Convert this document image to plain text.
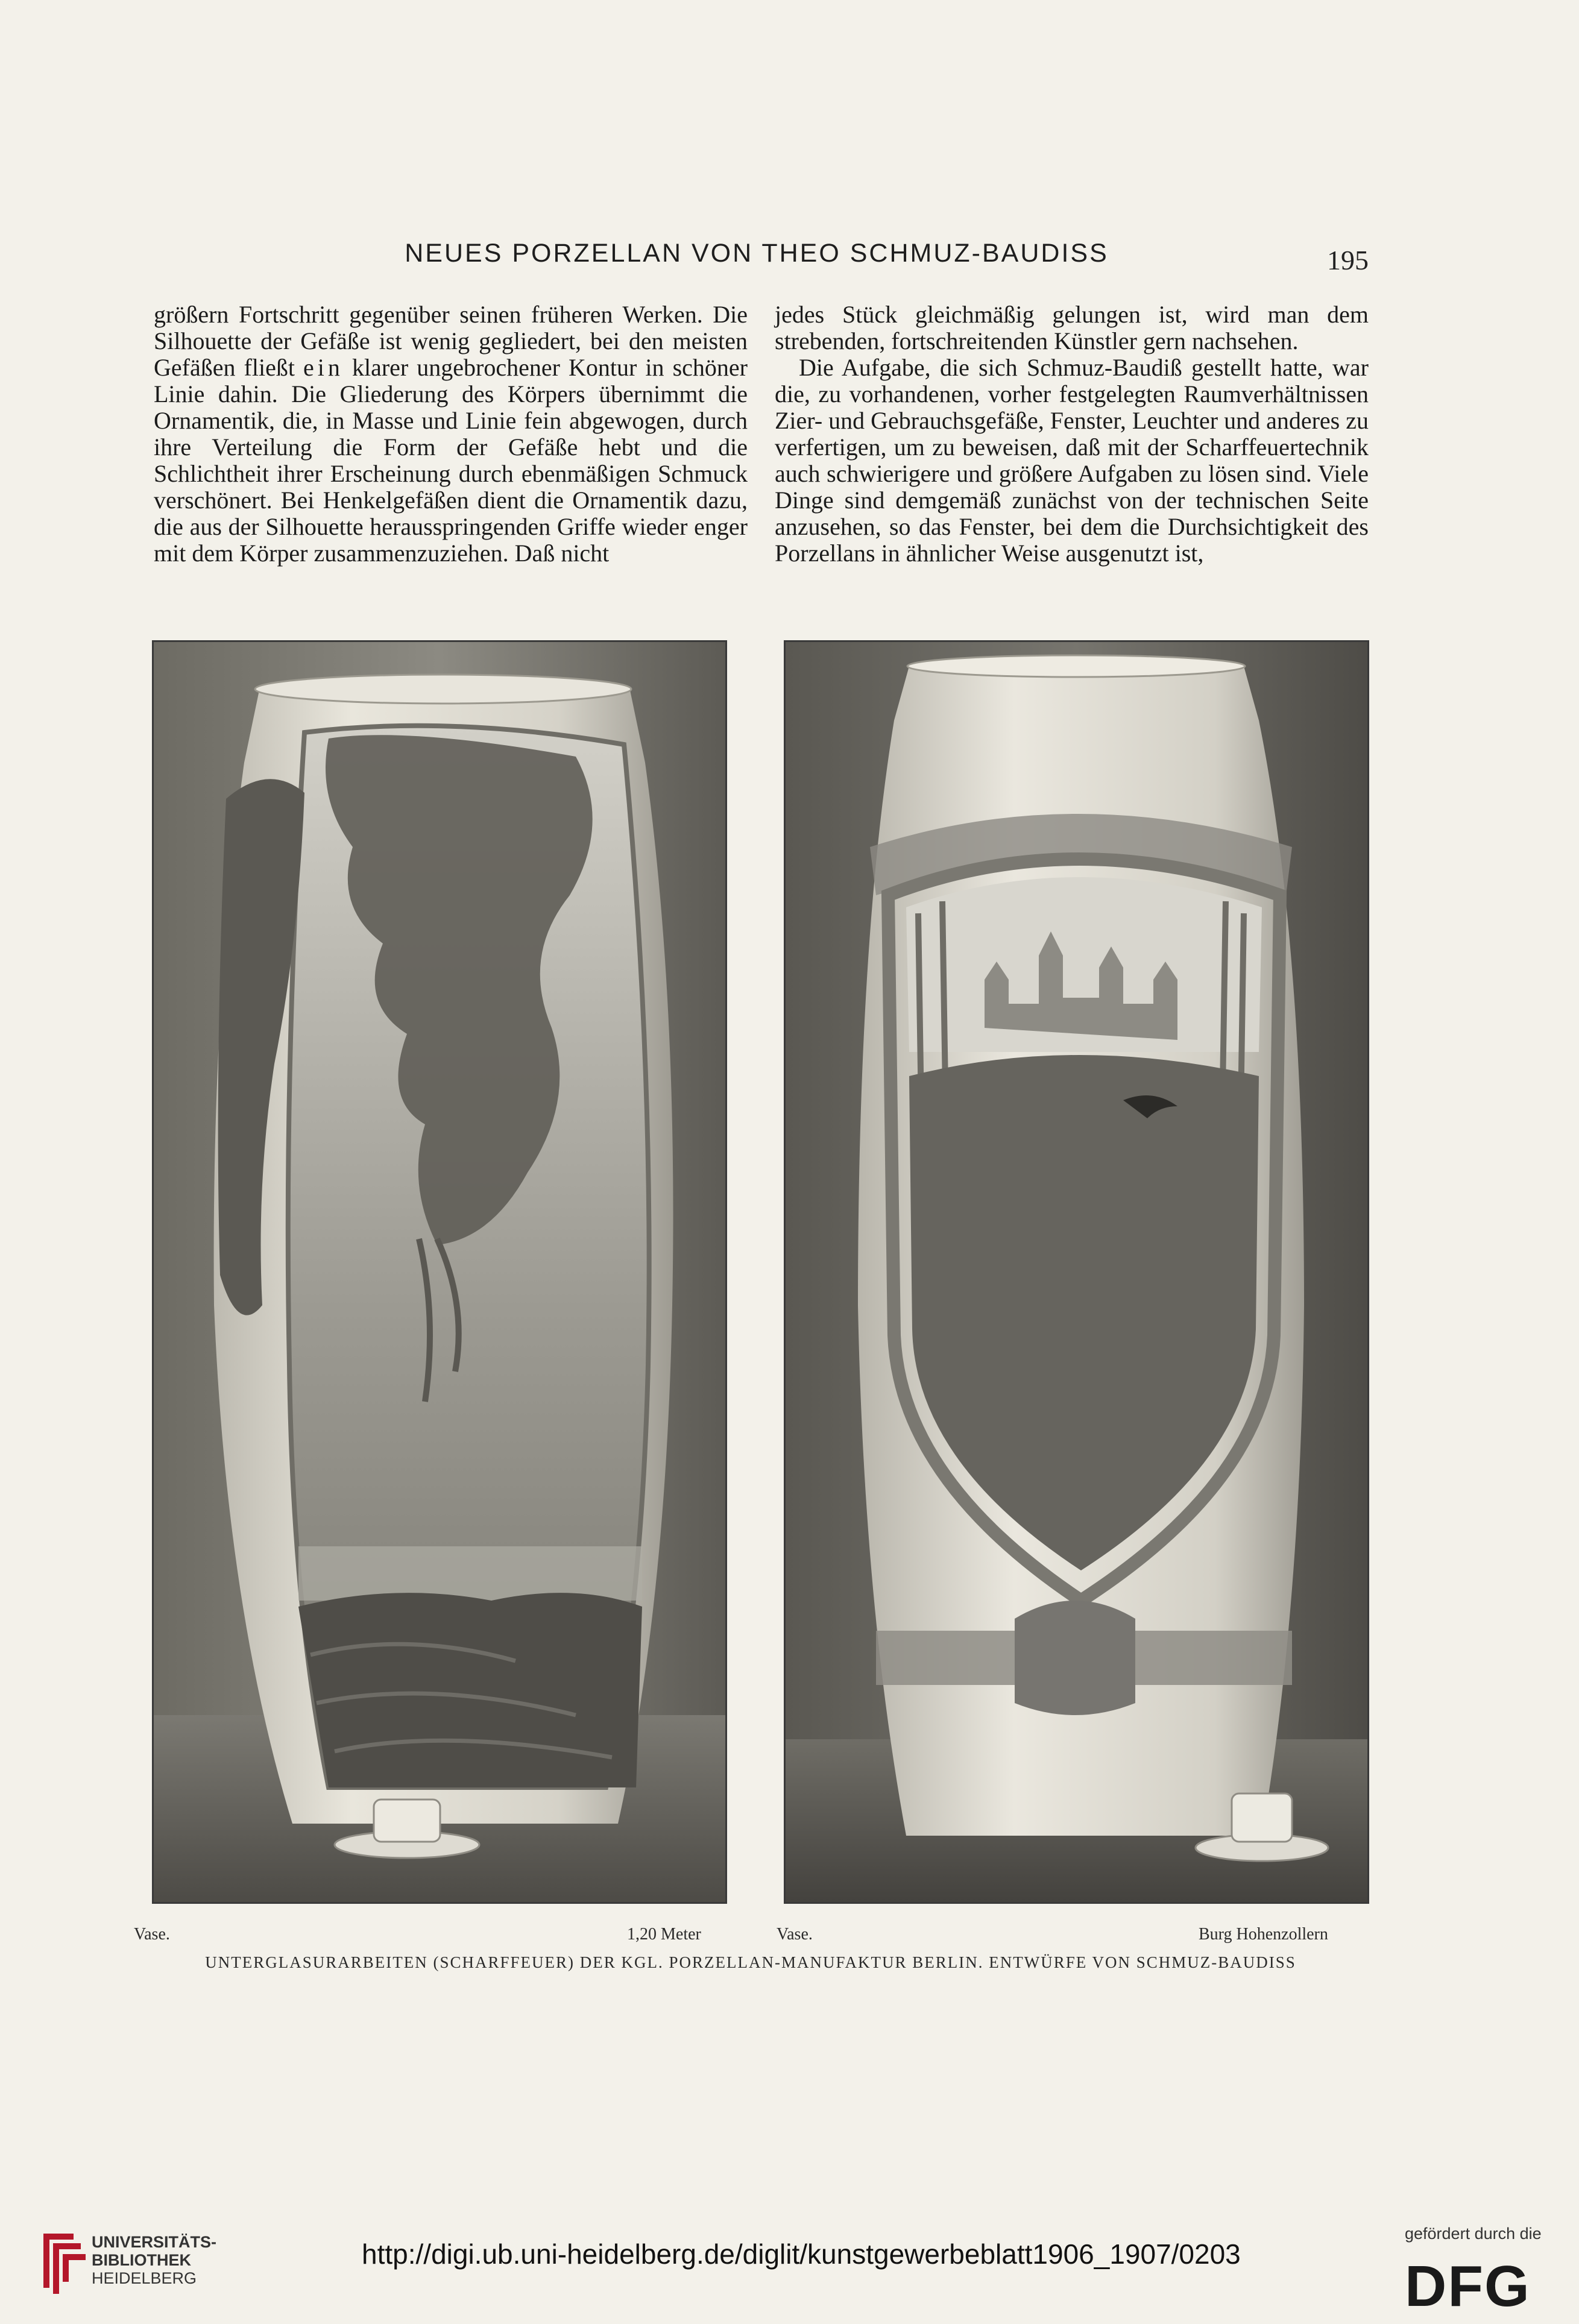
NEUES PORZELLAN VON THEO SCHMUZ-BAUDISS	195

größern Fortschritt gegenüber seinen früheren Werken. Die Silhouette der Gefäße ist wenig gegliedert, bei den meisten Gefäßen fließt ein klarer ungebrochener Kontur in schöner Linie dahin. Die Gliederung des Körpers übernimmt die Ornamentik, die, in Masse und Linie fein abgewogen, durch ihre Verteilung die Form der Gefäße hebt und die Schlichtheit ihrer Erscheinung durch ebenmäßigen Schmuck verschönert. Bei Henkelgefäßen dient die Ornamentik dazu, die aus der Silhouette herausspringenden Griffe wieder enger mit dem Körper zusammenzuziehen. Daß nicht

jedes Stück gleichmäßig gelungen ist, wird man dem strebenden, fortschreitenden Künstler gern nachsehen.

Die Aufgabe, die sich Schmuz-Baudiß gestellt hatte, war die, zu vorhandenen, vorher festgelegten Raumverhältnissen Zier- und Gebrauchsgefäße, Fenster, Leuchter und anderes zu verfertigen, um zu beweisen, daß mit der Scharffeuertechnik auch schwierigere und größere Aufgaben zu lösen sind. Viele Dinge sind demgemäß zunächst von der technischen Seite anzusehen, so das Fenster, bei dem die Durchsichtigkeit des Porzellans in ähnlicher Weise ausgenutzt ist,

Vase.	1,20 Meter	Vase.	Burg Hohenzollern
UNTERGLASURARBEITEN (SCHARFFEUER) DER KGL. PORZELLAN-MANUFAKTUR BERLIN. ENTWÜRFE VON SCHMUZ-BAUDISS
UNIVERSITÄTS-
BIBLIOTHEK
HEIDELBERG
http://digi.ub.uni-heidelberg.de/diglit/kunstgewerbeblatt1906_1907/0203
gefördert durch die
DFG
